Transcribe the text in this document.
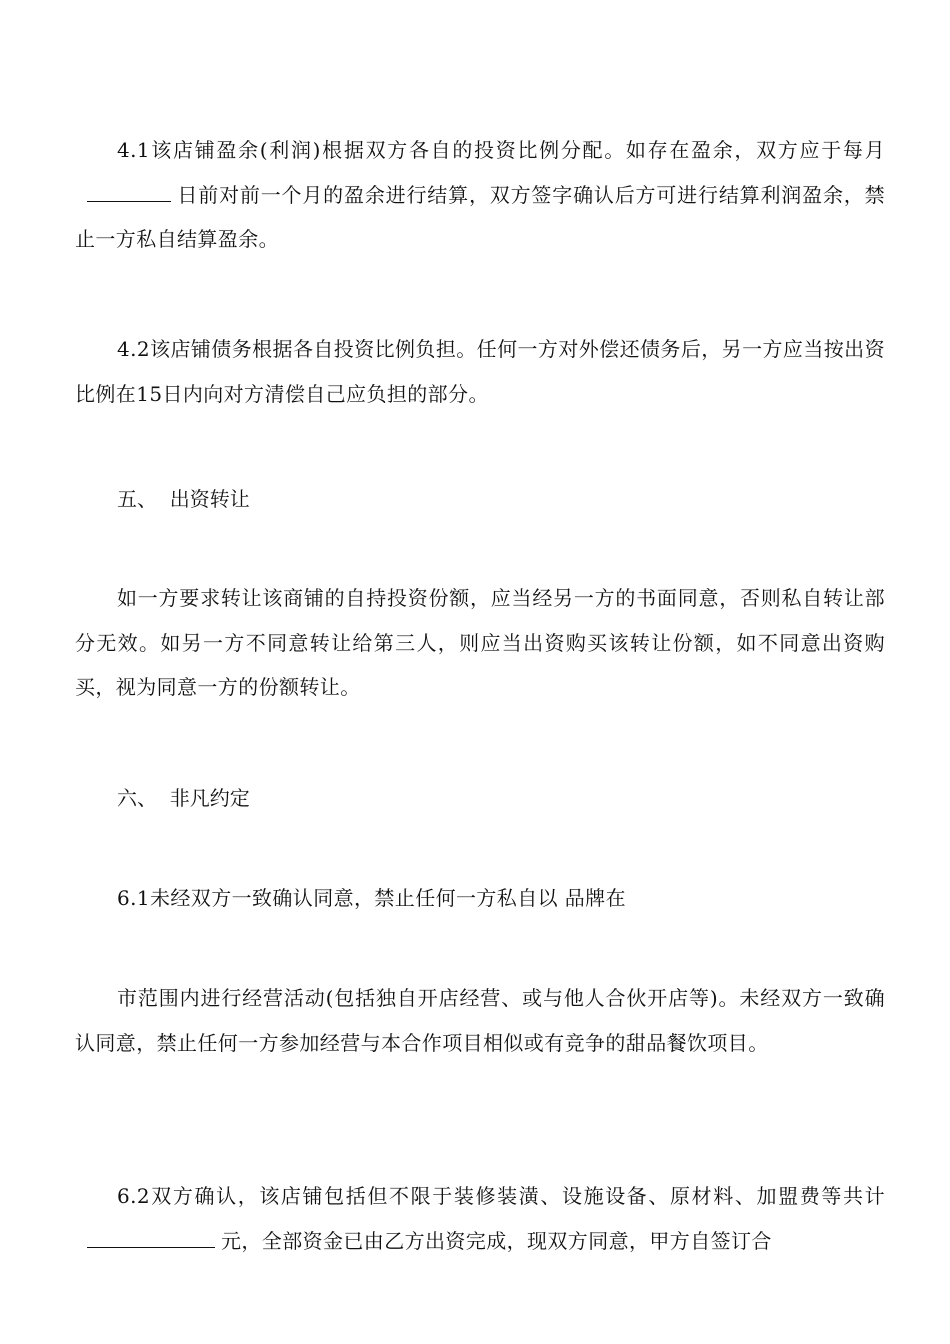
4.1该店铺盈余(利润)根据双方各自的投资比例分配。如存在盈余，双方应于每月日前对前一个月的盈余进行结算，双方签字确认后方可进行结算利润盈余，禁止一方私自结算盈余。

4.2该店铺债务根据各自投资比例负担。任何一方对外偿还债务后，另一方应当按出资比例在15日内向对方清偿自己应负担的部分。

五、  出资转让

如一方要求转让该商铺的自持投资份额，应当经另一方的书面同意，否则私自转让部分无效。如另一方不同意转让给第三人，则应当出资购买该转让份额，如不同意出资购买，视为同意一方的份额转让。

六、  非凡约定

6.1未经双方一致确认同意，禁止任何一方私自以 品牌在

市范围内进行经营活动(包括独自开店经营、或与他人合伙开店等)。未经双方一致确认同意，禁止任何一方参加经营与本合作项目相似或有竞争的甜品餐饮项目。

6.2双方确认，该店铺包括但不限于装修装潢、设施设备、原材料、加盟费等共计元，全部资金已由乙方出资完成，现双方同意，甲方自签订合
